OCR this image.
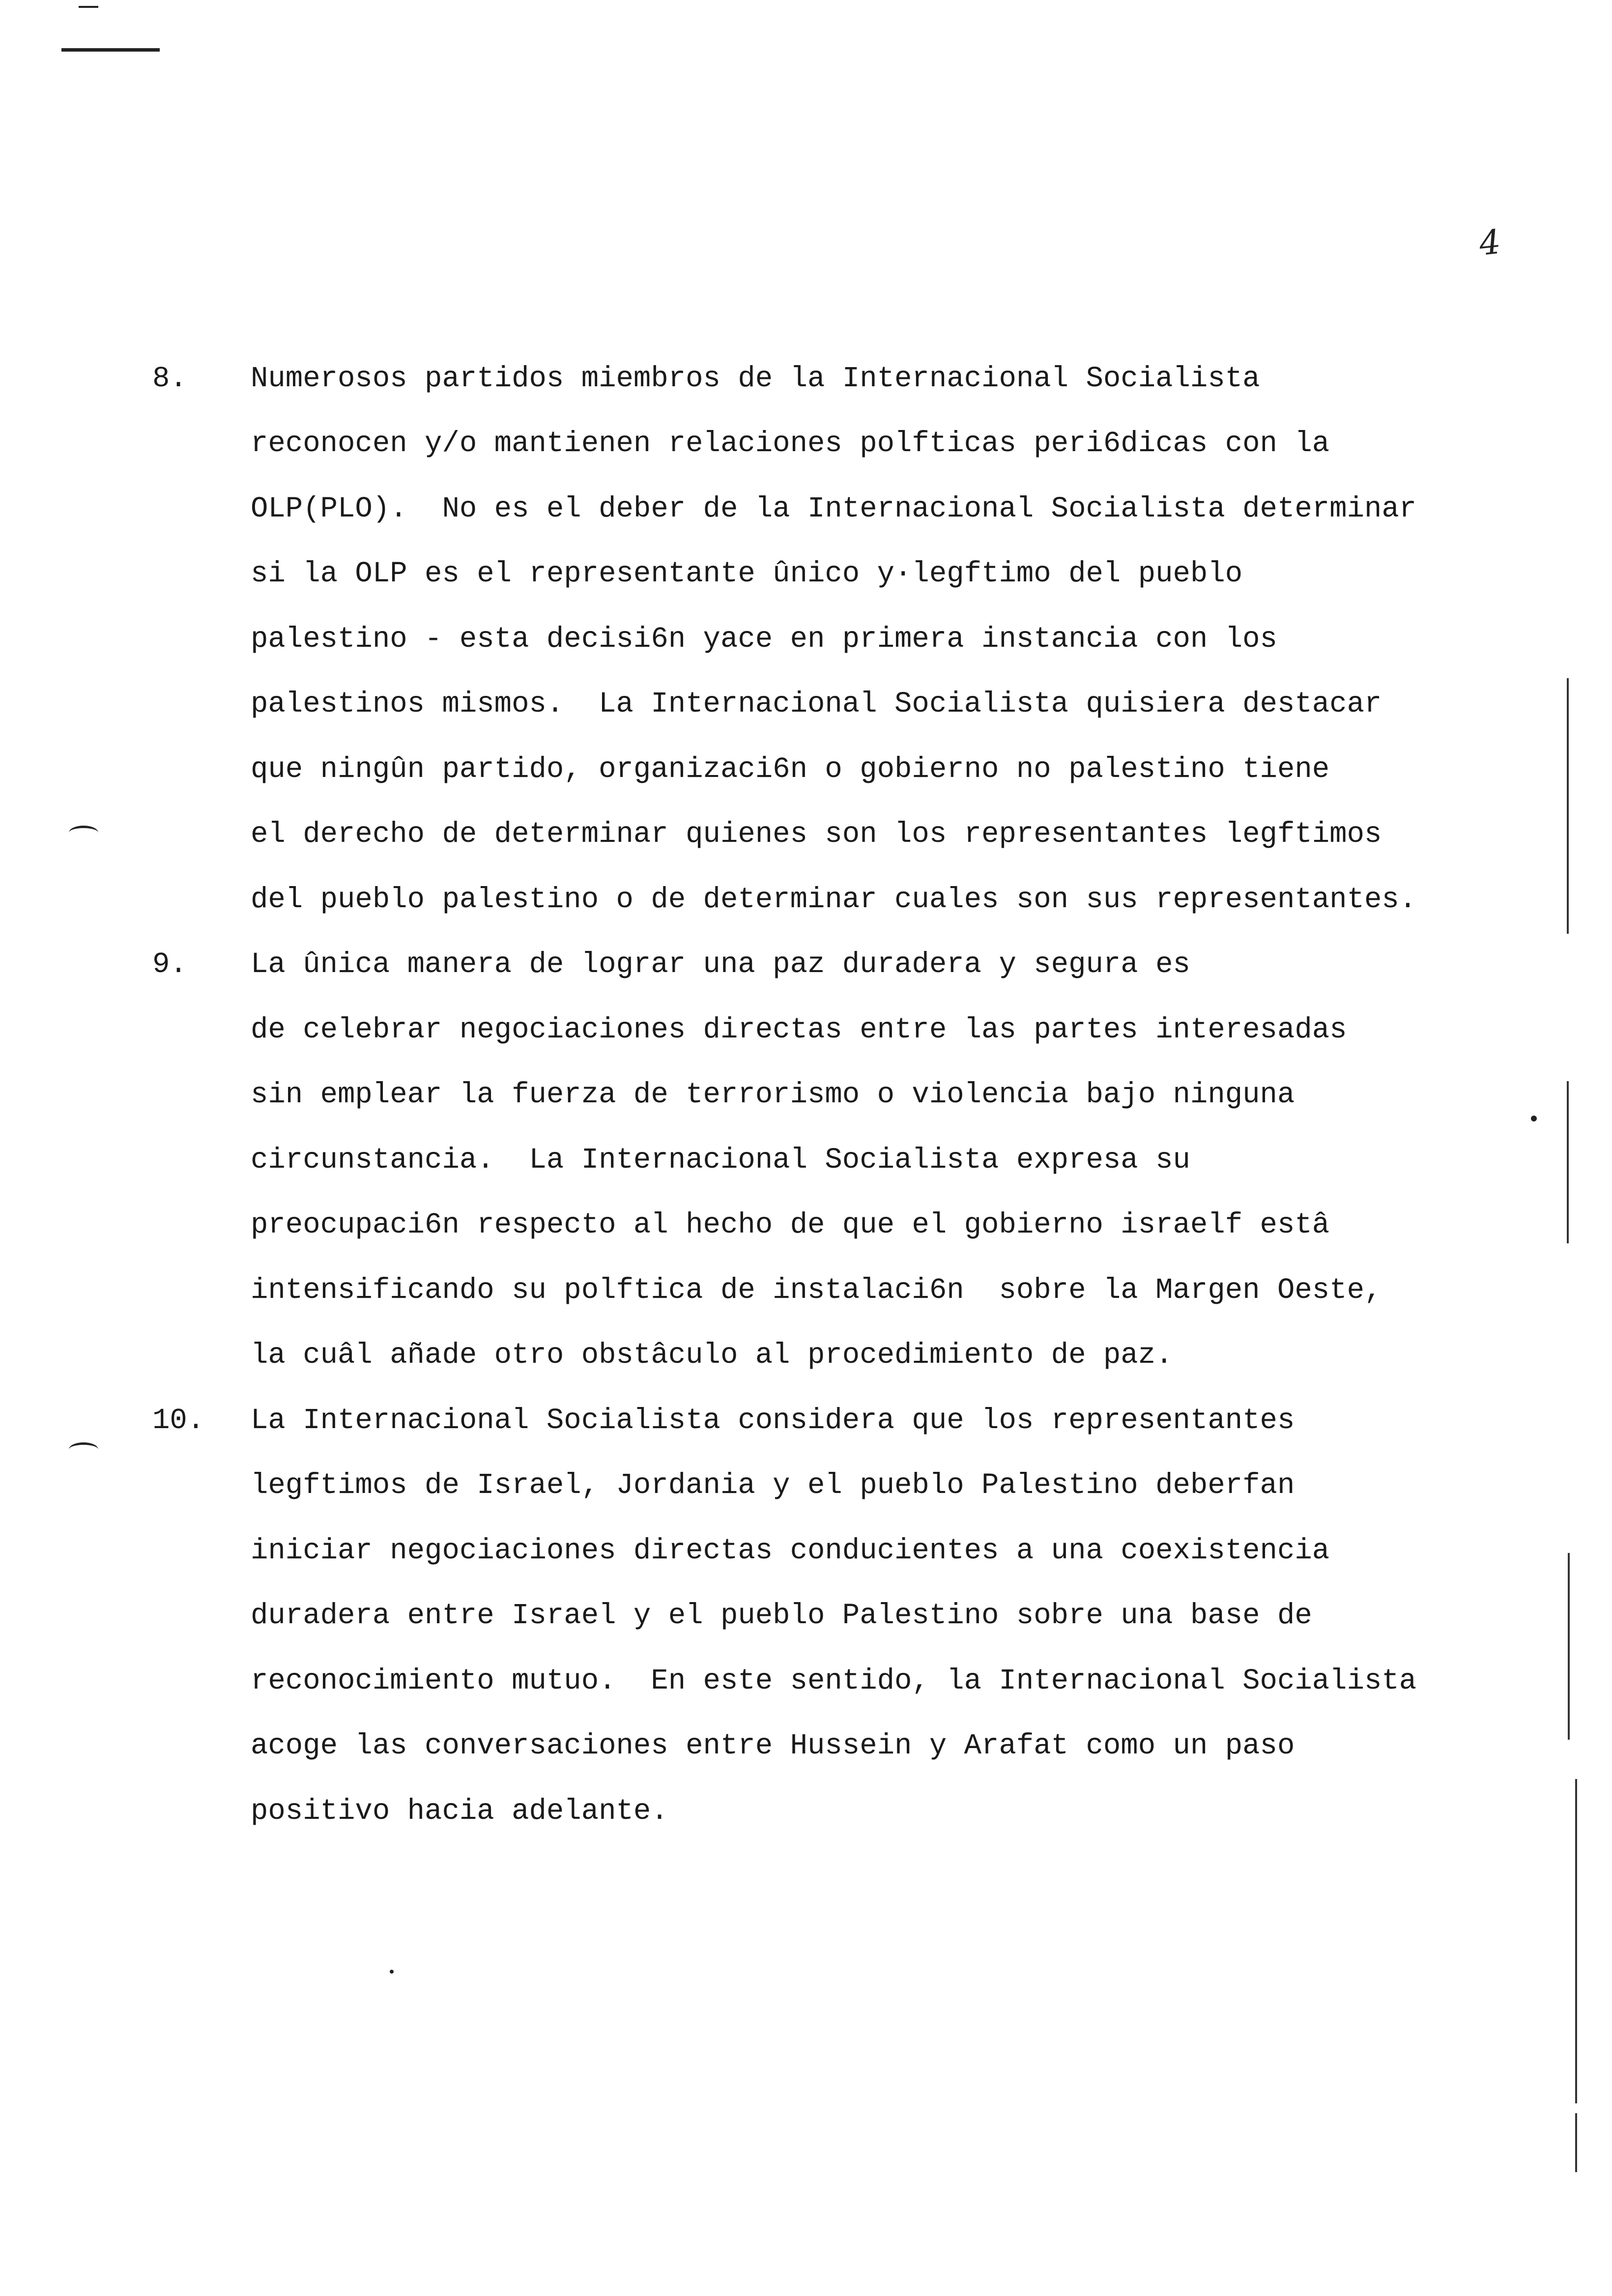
4
8. Numerosos partidos miembros de la Internacional Socialista
reconocen y/o mantienen relaciones polfticas peri6dicas con la
OLP(PLO).  No es el deber de la Internacional Socialista determinar
si la OLP es el representante ûnico y·legftimo del pueblo
palestino - esta decisi6n yace en primera instancia con los
palestinos mismos.  La Internacional Socialista quisiera destacar
que ningûn partido, organizaci6n o gobierno no palestino tiene
el derecho de determinar quienes son los representantes legftimos
del pueblo palestino o de determinar cuales son sus representantes.
9. La ûnica manera de lograr una paz duradera y segura es
de celebrar negociaciones directas entre las partes interesadas
sin emplear la fuerza de terrorismo o violencia bajo ninguna
circunstancia.  La Internacional Socialista expresa su
preocupaci6n respecto al hecho de que el gobierno israelf estâ
intensificando su polftica de instalaci6n  sobre la Margen Oeste,
la cuâl añade otro obstâculo al procedimiento de paz.
10. La Internacional Socialista considera que los representantes
legftimos de Israel, Jordania y el pueblo Palestino deberfan
iniciar negociaciones directas conducientes a una coexistencia
duradera entre Israel y el pueblo Palestino sobre una base de
reconocimiento mutuo.  En este sentido, la Internacional Socialista
acoge las conversaciones entre Hussein y Arafat como un paso
positivo hacia adelante.
